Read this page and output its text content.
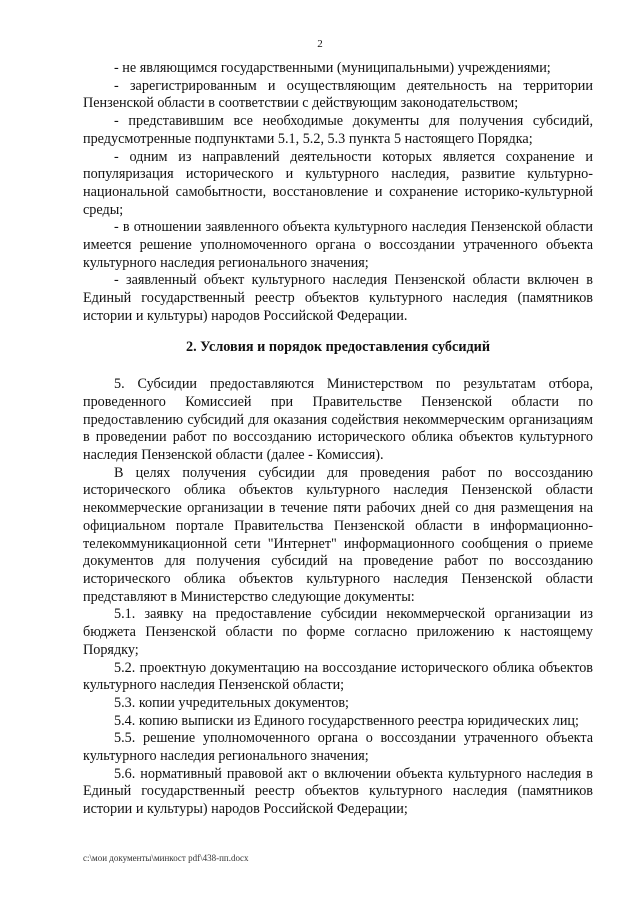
2

- не являющимся государственными (муниципальными) учреждениями;

- зарегистрированным и осуществляющим деятельность на территории Пензенской области в соответствии с действующим законодательством;

- представившим все необходимые документы для получения субсидий, предусмотренные подпунктами 5.1, 5.2, 5.3 пункта 5 настоящего Порядка;

- одним из направлений деятельности которых является сохранение и популяризация исторического и культурного наследия, развитие культурно-национальной самобытности, восстановление и сохранение историко-культурной среды;

- в отношении заявленного объекта культурного наследия Пензенской области имеется решение уполномоченного органа о воссоздании утраченного объекта культурного наследия регионального значения;

- заявленный объект культурного наследия Пензенской области включен в Единый государственный реестр объектов культурного наследия (памятников истории и культуры) народов Российской Федерации.

2. Условия и порядок предоставления субсидий

5. Субсидии предоставляются Министерством по результатам отбора, проведенного Комиссией при Правительстве Пензенской области по предоставлению субсидий для оказания содействия некоммерческим организациям в проведении работ по воссозданию исторического облика объектов культурного наследия Пензенской области (далее - Комиссия).

В целях получения субсидии для проведения работ по воссозданию исторического облика объектов культурного наследия Пензенской области некоммерческие организации в течение пяти рабочих дней со дня размещения на официальном портале Правительства Пензенской области в информационно-телекоммуникационной сети "Интернет" информационного сообщения о приеме документов для получения субсидий на проведение работ по воссозданию исторического облика объектов культурного наследия Пензенской области представляют в Министерство следующие документы:

5.1. заявку на предоставление субсидии некоммерческой организации из бюджета Пензенской области по форме согласно приложению к настоящему Порядку;

5.2. проектную документацию на воссоздание исторического облика объектов культурного наследия Пензенской области;

5.3. копии учредительных документов;

5.4. копию выписки из Единого государственного реестра юридических лиц;

5.5. решение уполномоченного органа о воссоздании утраченного объекта культурного наследия регионального значения;

5.6. нормативный правовой акт о включении объекта культурного наследия в Единый государственный реестр объектов культурного наследия (памятников истории и культуры) народов Российской Федерации;

c:\мои документы\минкост pdf\438-пп.docx
